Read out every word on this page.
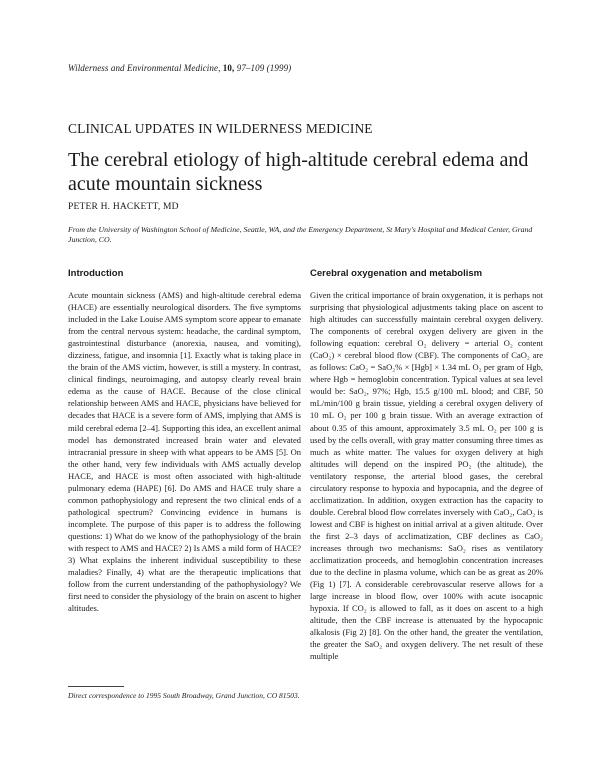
Wilderness and Environmental Medicine, 10, 97–109 (1999)
CLINICAL UPDATES IN WILDERNESS MEDICINE
The cerebral etiology of high-altitude cerebral edema and acute mountain sickness
PETER H. HACKETT, MD
From the University of Washington School of Medicine, Seattle, WA, and the Emergency Department, St Mary's Hospital and Medical Center, Grand Junction, CO.
Introduction

Acute mountain sickness (AMS) and high-altitude cerebral edema (HACE) are essentially neurological disorders. The five symptoms included in the Lake Louise AMS symptom score appear to emanate from the central nervous system: headache, the cardinal symptom, gastrointestinal disturbance (anorexia, nausea, and vomiting), dizziness, fatigue, and insomnia [1]. Exactly what is taking place in the brain of the AMS victim, however, is still a mystery. In contrast, clinical findings, neuroimaging, and autopsy clearly reveal brain edema as the cause of HACE. Because of the close clinical relationship between AMS and HACE, physicians have believed for decades that HACE is a severe form of AMS, implying that AMS is mild cerebral edema [2–4]. Supporting this idea, an excellent animal model has demonstrated increased brain water and elevated intracranial pressure in sheep with what appears to be AMS [5]. On the other hand, very few individuals with AMS actually develop HACE, and HACE is most often associated with high-altitude pulmonary edema (HAPE) [6]. Do AMS and HACE truly share a common pathophysiology and represent the two clinical ends of a pathological spectrum? Convincing evidence in humans is incomplete. The purpose of this paper is to address the following questions: 1) What do we know of the pathophysiology of the brain with respect to AMS and HACE? 2) Is AMS a mild form of HACE? 3) What explains the inherent individual susceptibility to these maladies? Finally, 4) what are the therapeutic implications that follow from the current understanding of the pathophysiology? We first need to consider the physiology of the brain on ascent to higher altitudes.

Cerebral oxygenation and metabolism

Given the critical importance of brain oxygenation, it is perhaps not surprising that physiological adjustments taking place on ascent to high altitudes can successfully maintain cerebral oxygen delivery. The components of cerebral oxygen delivery are given in the following equation: cerebral O₂ delivery = arterial O₂ content (CaO₂) × cerebral blood flow (CBF). The components of CaO₂ are as follows: CaO₂ = SaO₂% × [Hgb] × 1.34 mL O₂ per gram of Hgb, where Hgb = hemoglobin concentration. Typical values at sea level would be: SaO₂, 97%; Hgb, 15.5 g/100 mL blood; and CBF, 50 mL/min/100 g brain tissue, yielding a cerebral oxygen delivery of 10 mL O₂ per 100 g brain tissue. With an average extraction of about 0.35 of this amount, approximately 3.5 mL O₂ per 100 g is used by the cells overall, with gray matter consuming three times as much as white matter. The values for oxygen delivery at high altitudes will depend on the inspired PO₂ (the altitude), the ventilatory response, the arterial blood gases, the cerebral circulatory response to hypoxia and hypocapnia, and the degree of acclimatization. In addition, oxygen extraction has the capacity to double. Cerebral blood flow correlates inversely with CaO₂, CaO₂ is lowest and CBF is highest on initial arrival at a given altitude. Over the first 2–3 days of acclimatization, CBF declines as CaO₂ increases through two mechanisms: SaO₂ rises as ventilatory acclimatization proceeds, and hemoglobin concentration increases due to the decline in plasma volume, which can be as great as 20% (Fig 1) [7]. A considerable cerebrovascular reserve allows for a large increase in blood flow, over 100% with acute isocapnic hypoxia. If CO₂ is allowed to fall, as it does on ascent to a high altitude, then the CBF increase is attenuated by the hypocapnic alkalosis (Fig 2) [8]. On the other hand, the greater the ventilation, the greater the SaO₂ and oxygen delivery. The net result of these multiple

Direct correspondence to 1995 South Broadway, Grand Junction, CO 81503.
